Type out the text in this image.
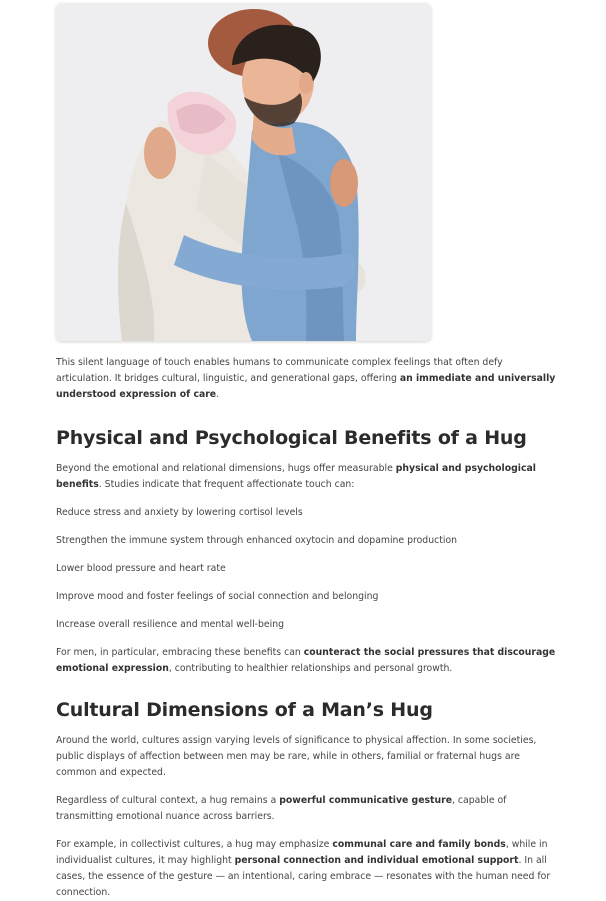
This silent language of touch enables humans to communicate complex feelings that often defy articulation. It bridges cultural, linguistic, and generational gaps, offering an immediate and universally understood expression of care.

Physical and Psychological Benefits of a Hug

Beyond the emotional and relational dimensions, hugs offer measurable physical and psychological benefits. Studies indicate that frequent affectionate touch can:

Reduce stress and anxiety by lowering cortisol levels

Strengthen the immune system through enhanced oxytocin and dopamine production

Lower blood pressure and heart rate

Improve mood and foster feelings of social connection and belonging

Increase overall resilience and mental well-being

For men, in particular, embracing these benefits can counteract the social pressures that discourage emotional expression, contributing to healthier relationships and personal growth.

Cultural Dimensions of a Man’s Hug

Around the world, cultures assign varying levels of significance to physical affection. In some societies, public displays of affection between men may be rare, while in others, familial or fraternal hugs are common and expected.

Regardless of cultural context, a hug remains a powerful communicative gesture, capable of transmitting emotional nuance across barriers.

For example, in collectivist cultures, a hug may emphasize communal care and family bonds, while in individualist cultures, it may highlight personal connection and individual emotional support. In all cases, the essence of the gesture — an intentional, caring embrace — resonates with the human need for connection.
